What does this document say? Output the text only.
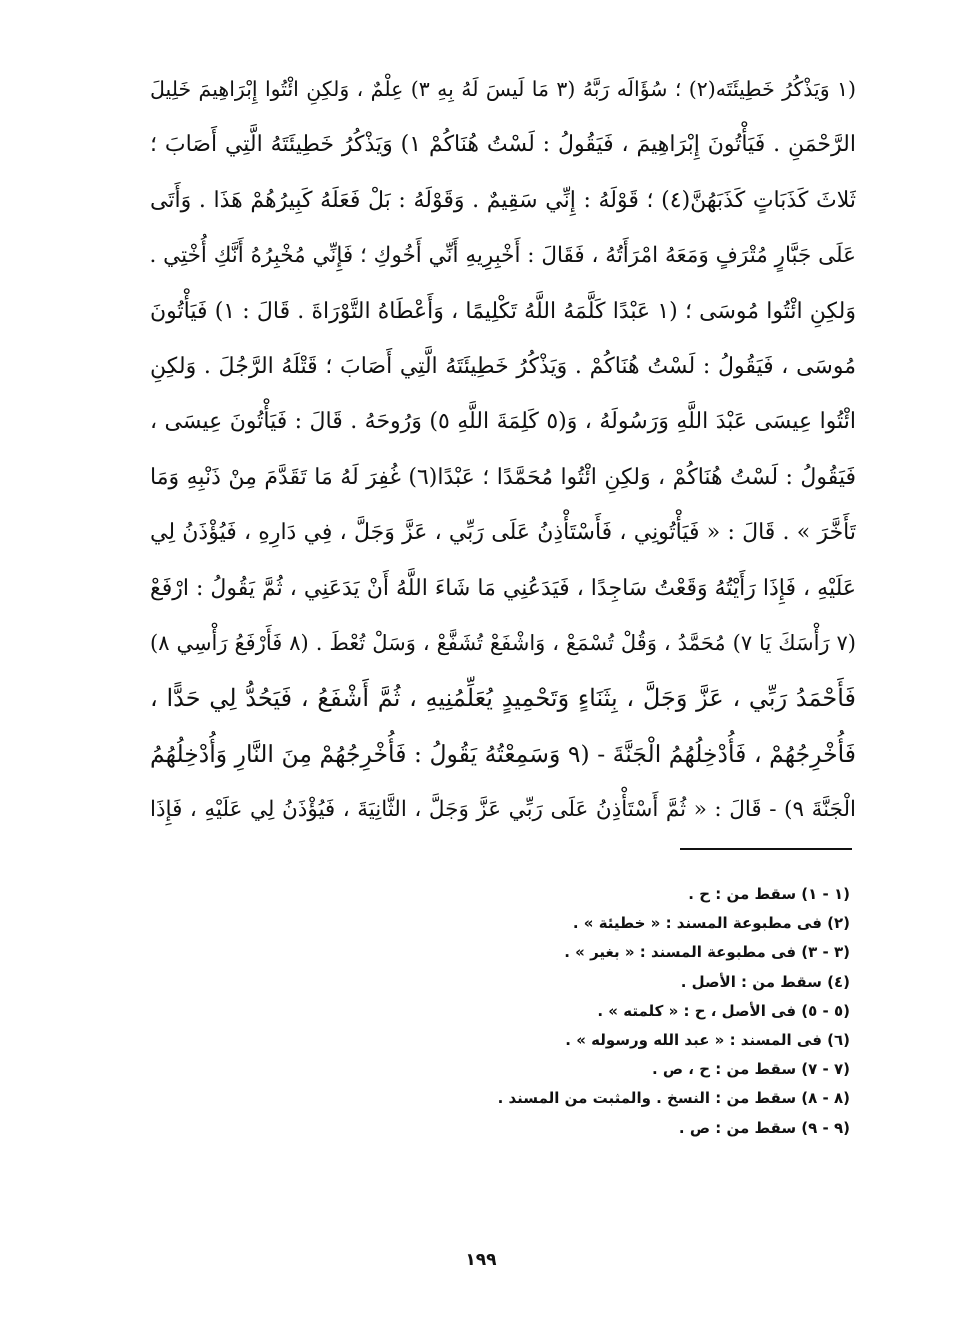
(١ وَيَذْكُرُ خَطِيئَتَه(٢) ؛ سُؤَالَه رَبَّهُ (٣ مَا لَيسَ لَهُ بِهِ ٣) عِلْمٌ ، وَلكِنِ ائْتُوا إِبْرَاهِيمَ خَلِيلَ
الرَّحْمَنِ . فَيَأْتُونَ إِبْرَاهِيمَ ، فَيَقُولُ : لَسْتُ هُنَاكُمْ ١) وَيَذْكُرُ خَطِيئَتَهُ الَّتِي أَصَابَ ؛
ثَلاثَ كَذَبَاتٍ كَذَبَهُنَّ(٤) ؛ قَوْلَهُ : إِنِّي سَقِيمٌ . وَقَوْلَهُ : بَلْ فَعَلَهُ كَبِيرُهُمْ هَذَا . وَأَتَى
عَلَى جَبَّارٍ مُتْرَفٍ وَمَعَهُ امْرَأَتُهُ ، فَقَالَ : أَخْبِرِيهِ أَنِّي أَخُوكِ ؛ فَإِنِّي مُخْبِرُهُ أَنَّكِ أُخْتِي .
وَلكِنِ ائْتُوا مُوسَى ؛ (١ عَبْدًا كَلَّمَهُ اللَّهُ تَكْلِيمًا ، وَأَعْطَاهُ التَّوْرَاةَ . قَالَ : ١) فَيَأْتُونَ
مُوسَى ، فَيَقُولُ : لَسْتُ هُنَاكُمْ . وَيَذْكُرُ خَطِيئَتَهُ الَّتِي أَصَابَ ؛ قَتْلَهُ الرَّجُلَ . وَلكِنِ
ائْتُوا عِيسَى عَبْدَ اللَّهِ وَرَسُولَهُ ، وَ(٥ كَلِمَةَ اللَّهِ ٥) وَرُوحَهُ . قَالَ : فَيَأْتُونَ عِيسَى ،
فَيَقُولُ : لَسْتُ هُنَاكُمْ ، وَلكِنِ ائْتُوا مُحَمَّدًا ؛ عَبْدًا(٦) غُفِرَ لَهُ مَا تَقَدَّمَ مِنْ ذَنْبِهِ وَمَا
تَأَخَّرَ » . قَالَ : « فَيَأْتُونِي ، فَأَسْتَأْذِنُ عَلَى رَبِّي ، عَزَّ وَجَلَّ ، فِي دَارِهِ ، فَيُؤْذَنُ لِي
عَلَيْهِ ، فَإِذَا رَأَيْتُهُ وَقَعْتُ سَاجِدًا ، فَيَدَعُنِي مَا شَاءَ اللَّهُ أَنْ يَدَعَنِي ، ثُمَّ يَقُولُ : ارْفَعْ
(٧ رَأْسَكَ يَا ٧) مُحَمَّدُ ، وَقُلْ تُسْمَعْ ، وَاشْفَعْ تُشَفَّعْ ، وَسَلْ تُعْطَ . (٨ فَأَرْفَعُ رَأْسِي ٨)
فَأَحْمَدُ رَبِّي ، عَزَّ وَجَلَّ ، بِثَنَاءٍ وَتَحْمِيدٍ يُعَلِّمُنِيهِ ، ثُمَّ أَشْفَعُ ، فَيَحُدُّ لِي حَدًّا ،
فَأُخْرِجُهُمْ ، فَأُدْخِلُهُمُ الْجَنَّةَ - (٩ وَسَمِعْتُهُ يَقُولُ : فَأُخْرِجُهُمْ مِنَ النَّارِ وَأُدْخِلُهُمُ
الْجَنَّةَ ٩) - قَالَ : « ثُمَّ أَسْتَأْذِنُ عَلَى رَبِّي عَزَّ وَجَلَّ ، الثَّانِيَةَ ، فَيُؤْذَنُ لِي عَلَيْهِ ، فَإِذَا
(١ - ١) سقط من : ح .
(٢) فى مطبوعة المسند : « خطيئة » .
(٣ - ٣) فى مطبوعة المسند : « بغير » .
(٤) سقط من : الأصل .
(٥ - ٥) فى الأصل ، ح : « كلمته » .
(٦) فى المسند : « عبد الله ورسوله » .
(٧ - ٧) سقط من : ح ، ص .
(٨ - ٨) سقط من : النسخ . والمثبت من المسند .
(٩ - ٩) سقط من : ص .
١٩٩
